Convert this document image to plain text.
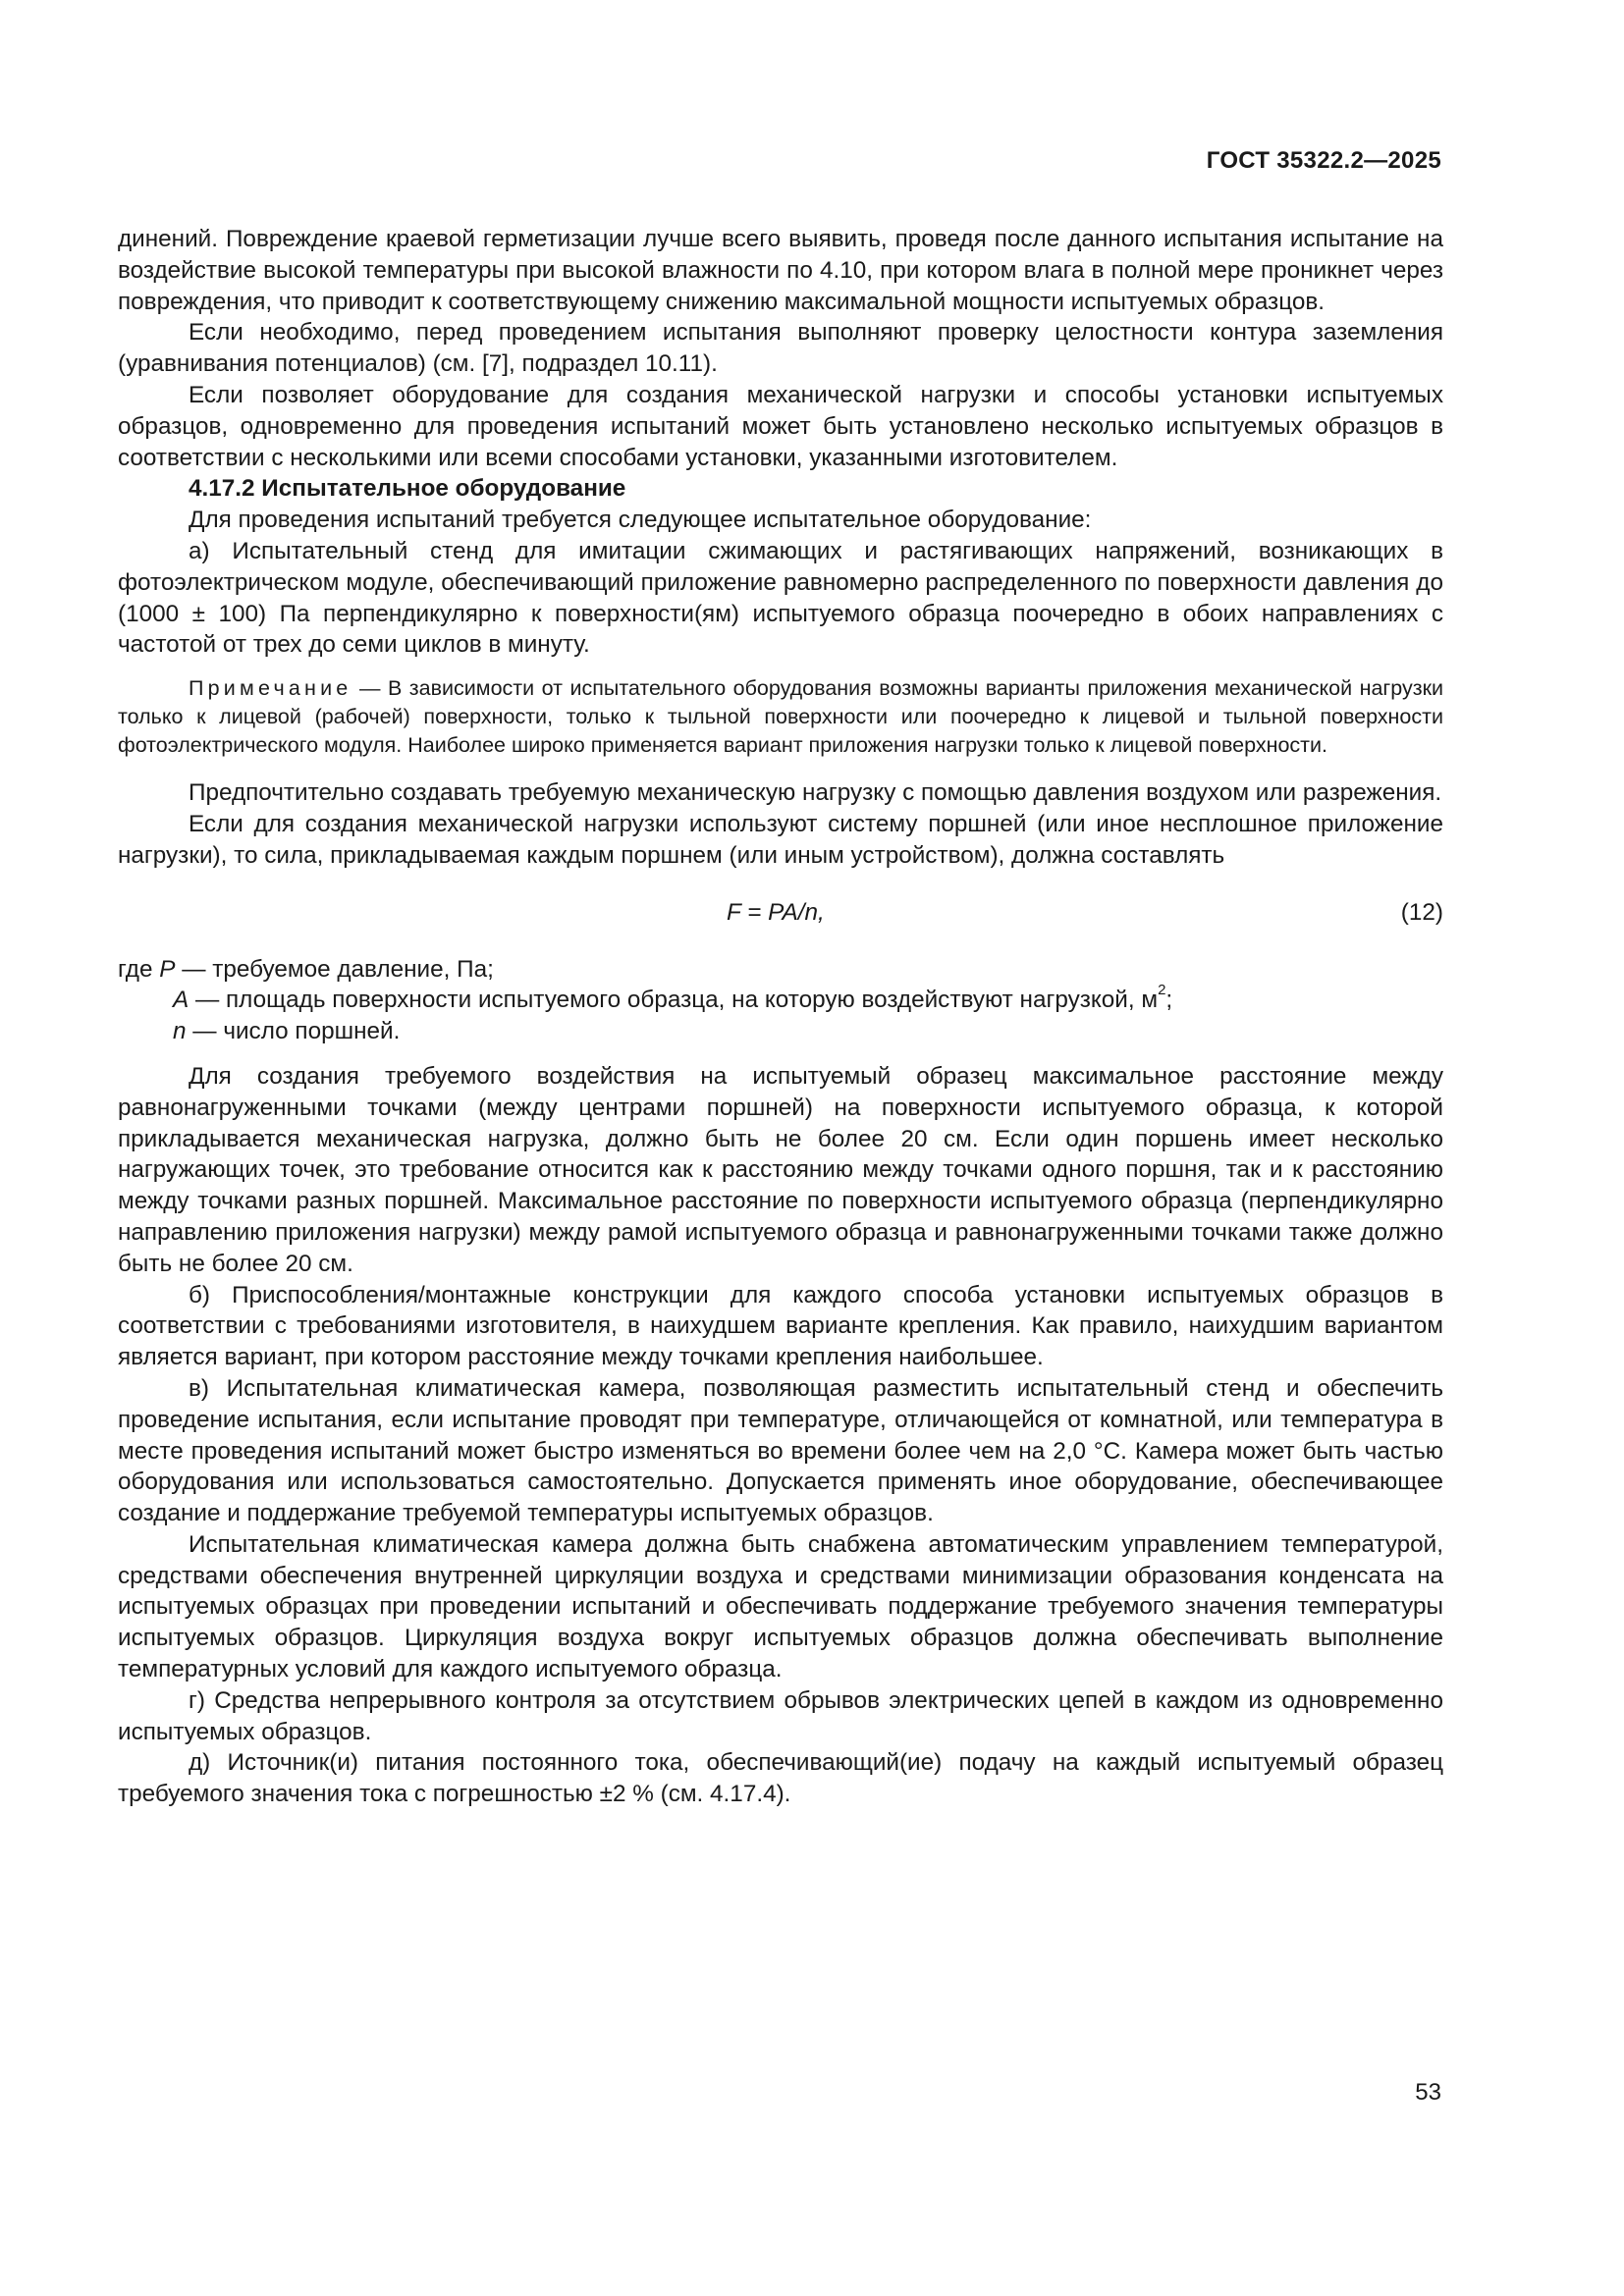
ГОСТ 35322.2—2025

динений. Повреждение краевой герметизации лучше всего выявить, проведя после данного испытания испытание на воздействие высокой температуры при высокой влажности по 4.10, при котором влага в полной мере проникнет через повреждения, что приводит к соответствующему снижению максимальной мощности испытуемых образцов.

Если необходимо, перед проведением испытания выполняют проверку целостности контура заземления (уравнивания потенциалов) (см. [7], подраздел 10.11).

Если позволяет оборудование для создания механической нагрузки и способы установки испытуемых образцов, одновременно для проведения испытаний может быть установлено несколько испытуемых образцов в соответствии с несколькими или всеми способами установки, указанными изготовителем.

4.17.2 Испытательное оборудование

Для проведения испытаний требуется следующее испытательное оборудование:

а) Испытательный стенд для имитации сжимающих и растягивающих напряжений, возникающих в фотоэлектрическом модуле, обеспечивающий приложение равномерно распределенного по поверхности давления до (1000 ± 100) Па перпендикулярно к поверхности(ям) испытуемого образца поочередно в обоих направлениях с частотой от трех до семи циклов в минуту.

Примечание — В зависимости от испытательного оборудования возможны варианты приложения механической нагрузки только к лицевой (рабочей) поверхности, только к тыльной поверхности или поочередно к лицевой и тыльной поверхности фотоэлектрического модуля. Наиболее широко применяется вариант приложения нагрузки только к лицевой поверхности.

Предпочтительно создавать требуемую механическую нагрузку с помощью давления воздухом или разрежения.

Если для создания механической нагрузки используют систему поршней (или иное несплошное приложение нагрузки), то сила, прикладываемая каждым поршнем (или иным устройством), должна составлять

F = PA/n,	(12)

где P — требуемое давление, Па;

A — площадь поверхности испытуемого образца, на которую воздействуют нагрузкой, $м^2$;

n — число поршней.

Для создания требуемого воздействия на испытуемый образец максимальное расстояние между равнонагруженными точками (между центрами поршней) на поверхности испытуемого образца, к которой прикладывается механическая нагрузка, должно быть не более 20 см. Если один поршень имеет несколько нагружающих точек, это требование относится как к расстоянию между точками одного поршня, так и к расстоянию между точками разных поршней. Максимальное расстояние по поверхности испытуемого образца (перпендикулярно направлению приложения нагрузки) между рамой испытуемого образца и равнонагруженными точками также должно быть не более 20 см.

б) Приспособления/монтажные конструкции для каждого способа установки испытуемых образцов в соответствии с требованиями изготовителя, в наихудшем варианте крепления. Как правило, наихудшим вариантом является вариант, при котором расстояние между точками крепления наибольшее.

в) Испытательная климатическая камера, позволяющая разместить испытательный стенд и обеспечить проведение испытания, если испытание проводят при температуре, отличающейся от комнатной, или температура в месте проведения испытаний может быстро изменяться во времени более чем на 2,0 °С. Камера может быть частью оборудования или использоваться самостоятельно. Допускается применять иное оборудование, обеспечивающее создание и поддержание требуемой температуры испытуемых образцов.

Испытательная климатическая камера должна быть снабжена автоматическим управлением температурой, средствами обеспечения внутренней циркуляции воздуха и средствами минимизации образования конденсата на испытуемых образцах при проведении испытаний и обеспечивать поддержание требуемого значения температуры испытуемых образцов. Циркуляция воздуха вокруг испытуемых образцов должна обеспечивать выполнение температурных условий для каждого испытуемого образца.

г) Средства непрерывного контроля за отсутствием обрывов электрических цепей в каждом из одновременно испытуемых образцов.

д) Источник(и) питания постоянного тока, обеспечивающий(ие) подачу на каждый испытуемый образец требуемого значения тока с погрешностью ±2 % (см. 4.17.4).

53
